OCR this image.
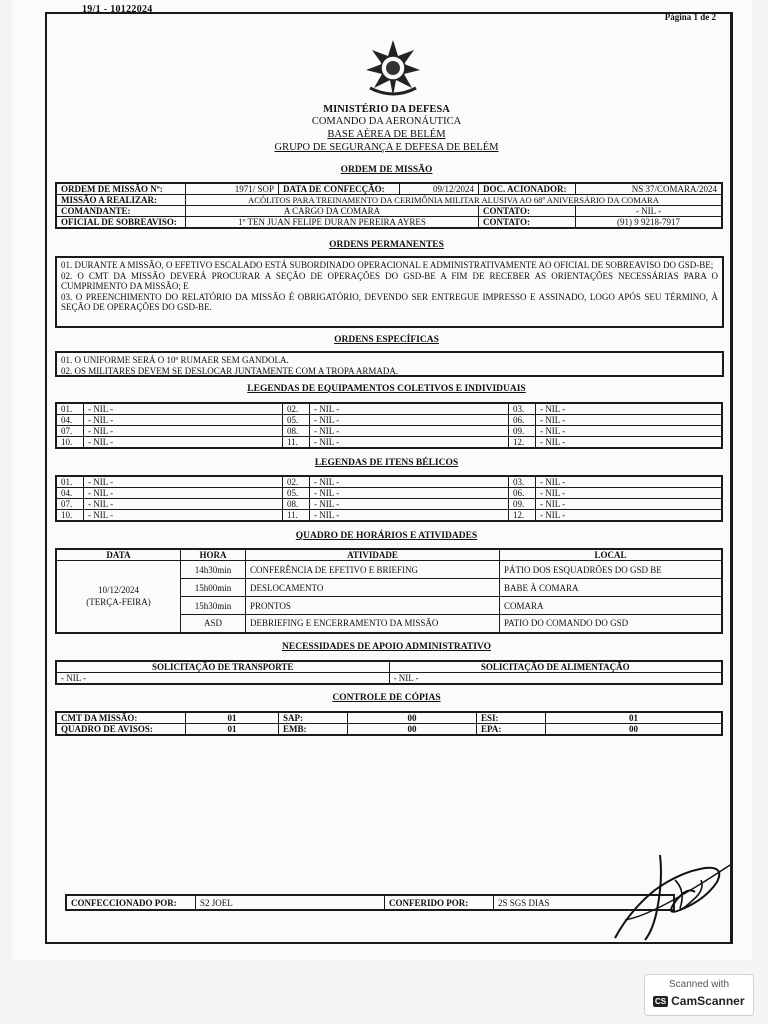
19/1 - 10122024
Página 1 de 2
MINISTÉRIO DA DEFESA
COMANDO DA AERONÁUTICA
BASE AÉREA DE BELÉM
GRUPO DE SEGURANÇA E DEFESA DE BELÉM
ORDEM DE MISSÃO
ORDEM DE MISSÃO Nº:	1971/ SOP	DATA DE CONFECÇÃO:	09/12/2024	DOC. ACIONADOR:	NS 37/COMARA/2024
MISSÃO A REALIZAR:	ACÓLITOS PARA TREINAMENTO DA CERIMÔNIA MILITAR ALUSIVA AO 68º ANIVERSÁRIO DA COMARA				
COMANDANTE:	A CARGO DA COMARA			CONTATO:	- NIL -
OFICIAL DE SOBREAVISO:	1º TEN JUAN FELIPE DURAN PEREIRA AYRES			CONTATO:	(91) 9 9218-7917
ORDENS PERMANENTES
01. DURANTE A MISSÃO, O EFETIVO ESCALADO ESTÁ SUBORDINADO OPERACIONAL E ADMINISTRATIVAMENTE AO OFICIAL DE SOBREAVISO DO GSD-BE;
02. O CMT DA MISSÃO DEVERÁ PROCURAR A SEÇÃO DE OPERAÇÕES DO GSD-BE A FIM DE RECEBER AS ORIENTAÇÕES NECESSÁRIAS PARA O CUMPRIMENTO DA MISSÃO; E
03. O PREENCHIMENTO DO RELATÓRIO DA MISSÃO É OBRIGATÓRIO, DEVENDO SER ENTREGUE IMPRESSO E ASSINADO, LOGO APÓS SEU TÉRMINO, À SEÇÃO DE OPERAÇÕES DO GSD-BE.
ORDENS ESPECÍFICAS
01. O UNIFORME SERÁ O 10º RUMAER SEM GANDOLA.
02. OS MILITARES DEVEM SE DESLOCAR JUNTAMENTE COM A TROPA ARMADA.
LEGENDAS DE EQUIPAMENTOS COLETIVOS E INDIVIDUAIS
01.	- NIL -	02.	- NIL -	03.	- NIL -
04.	- NIL -	05.	- NIL -	06.	- NIL -
07.	- NIL -	08.	- NIL -	09.	- NIL -
10.	- NIL -	11.	- NIL -	12.	- NIL -
LEGENDAS DE ITENS BÉLICOS
01.	- NIL -	02.	- NIL -	03.	- NIL -
04.	- NIL -	05.	- NIL -	06.	- NIL -
07.	- NIL -	08.	- NIL -	09.	- NIL -
10.	- NIL -	11.	- NIL -	12.	- NIL -
QUADRO DE HORÁRIOS E ATIVIDADES
DATA	HORA	ATIVIDADE	LOCAL

10/12/2024
(TERÇA-FEIRA)	14h30min	CONFERÊNCIA DE EFETIVO E BRIEFING	PÁTIO DOS ESQUADRÕES DO GSD BE
	15h00min	DESLOCAMENTO	BABE À COMARA
	15h30min	PRONTOS	COMARA
	ASD	DEBRIEFING E ENCERRAMENTO DA MISSÃO	PATIO DO COMANDO DO GSD
NECESSIDADES DE APOIO ADMINISTRATIVO
SOLICITAÇÃO DE TRANSPORTE	SOLICITAÇÃO DE ALIMENTAÇÃO
- NIL -	- NIL -
CONTROLE DE CÓPIAS
CMT DA MISSÃO:	01	SAP:	00	ESI:	01
QUADRO DE AVISOS:	01	EMB:	00	EPA:	00
CONFECCIONADO POR:	S2 JOEL	CONFERIDO POR:	2S SGS DIAS
Scanned with
CS CamScanner
